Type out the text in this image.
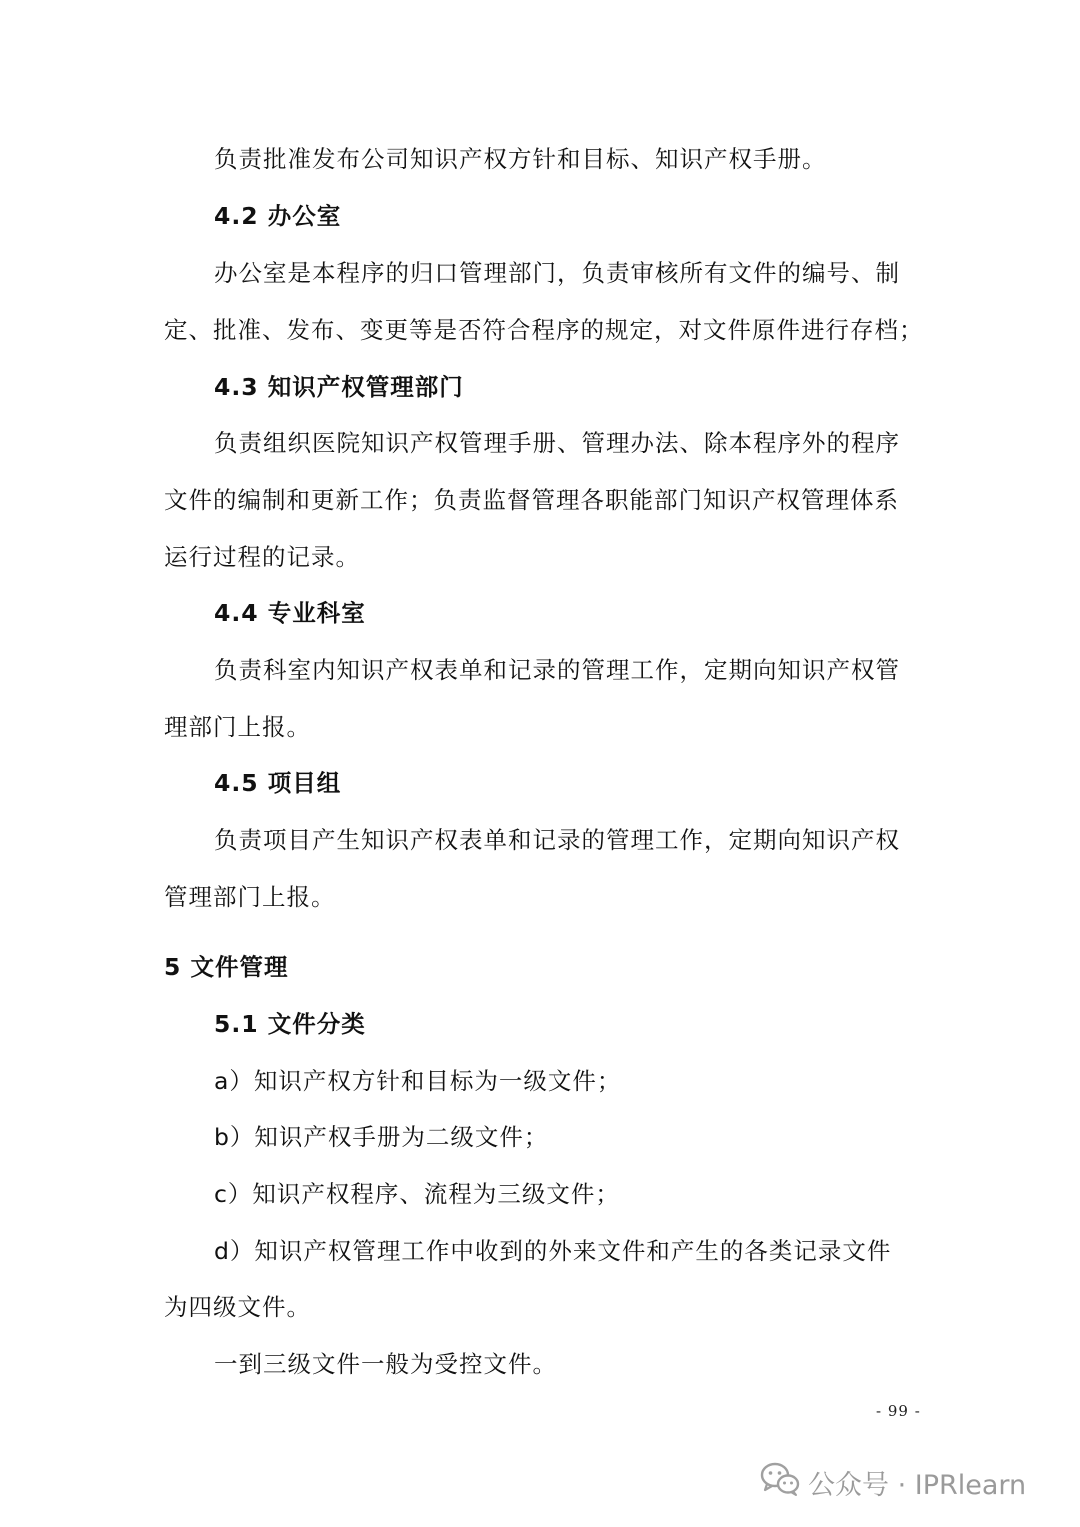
负责批准发布公司知识产权方针和目标、知识产权手册。
4.2 办公室
办公室是本程序的归口管理部门，负责审核所有文件的编号、制
定、批准、发布、变更等是否符合程序的规定，对文件原件进行存档；
4.3 知识产权管理部门
负责组织医院知识产权管理手册、管理办法、除本程序外的程序
文件的编制和更新工作；负责监督管理各职能部门知识产权管理体系
运行过程的记录。
4.4 专业科室
负责科室内知识产权表单和记录的管理工作，定期向知识产权管
理部门上报。
4.5 项目组
负责项目产生知识产权表单和记录的管理工作，定期向知识产权
管理部门上报。
5 文件管理
5.1 文件分类
a）知识产权方针和目标为一级文件；
b）知识产权手册为二级文件；
c）知识产权程序、流程为三级文件；
d）知识产权管理工作中收到的外来文件和产生的各类记录文件
为四级文件。
一到三级文件一般为受控文件。
- 99 -
公众号 · IPRlearn
